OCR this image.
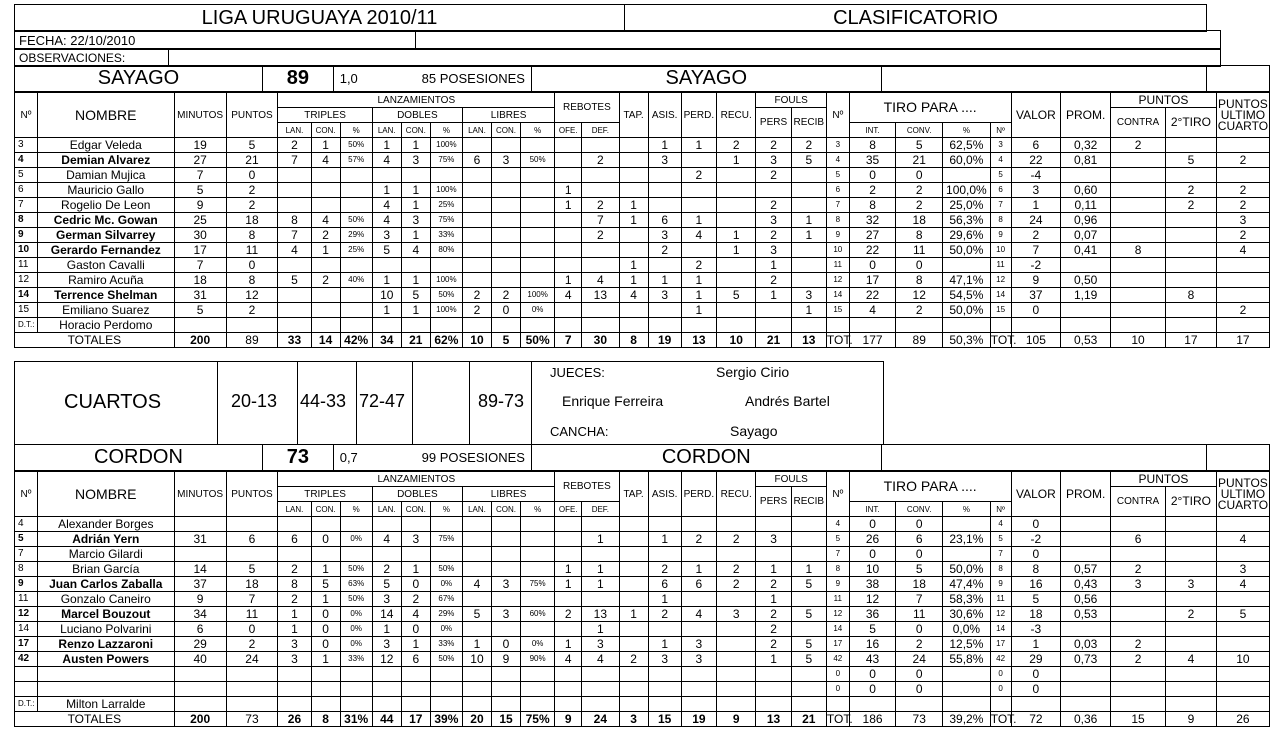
LIGA URUGUAYA 2010/11	CLASIFICATORIO
FECHA: 22/10/2010
OBSERVACIONES:
SAYAGO	89	1,0	85 POSESIONES	SAYAGO
Nº	NOMBRE	MINUTOS	PUNTOS	LANZAMIENTOS									REBOTES		TAP.	ASIS.	PERD.	RECU.	FOULS		Nº	TIRO PARA ....				VALOR	PROM.	PUNTOS		PUNTOS
ULTIMO
CUARTO

				TRIPLES			DOBLES			LIBRES									PERS	RECIB								CONTRA	2°TIRO	
				LAN.	CON.	%	LAN.	CON.	%	LAN.	CON.	%	OFE.	DEF.								INT.	CONV.	%	Nº					
3	Edgar Veleda	19	5	2	1	50%	1	1	100%							1	1	2	2	2	3	8	5	62,5%	3	6	0,32	2		
4	Demian Alvarez	27	21	7	4	57%	4	3	75%	6	3	50%		2		3		1	3	5	4	35	21	60,0%	4	22	0,81		5	2
5	Damian Mujica	7	0														2		2		5	0	0		5	-4				
6	Mauricio Gallo	5	2				1	1	100%				1								6	2	2	100,0%	6	3	0,60		2	2
7	Rogelio De Leon	9	2				4	1	25%				1	2	1				2		7	8	2	25,0%	7	1	0,11		2	2
8	Cedric Mc. Gowan	25	18	8	4	50%	4	3	75%					7	1	6	1		3	1	8	32	18	56,3%	8	24	0,96			3
9	German Silvarrey	30	8	7	2	29%	3	1	33%					2		3	4	1	2	1	9	27	8	29,6%	9	2	0,07			2
10	Gerardo Fernandez	17	11	4	1	25%	5	4	80%							2		1	3		10	22	11	50,0%	10	7	0,41	8		4
11	Gaston Cavalli	7	0												1		2		1		11	0	0		11	-2				
12	Ramiro Acuña	18	8	5	2	40%	1	1	100%				1	4	1	1	1		2		12	17	8	47,1%	12	9	0,50			
14	Terrence Shelman	31	12				10	5	50%	2	2	100%	4	13	4	3	1	5	1	3	14	22	12	54,5%	14	37	1,19		8	
15	Emiliano Suarez	5	2				1	1	100%	2	0	0%					1			1	15	4	2	50,0%	15	0				2
D.T.:	Horacio Perdomo																													
TOTALES		200	89	33	14	42%	34	21	62%	10	5	50%	7	30	8	19	13	10	21	13	TOT.	177	89	50,3%	TOT.	105	0,53	10	17	17
CUARTOS	20-13 44-33 72-47	89-73
JUECES:	Sergio Cirio
Enrique Ferreira	Andrés Bartel
CANCHA:	Sayago
CORDON	73	0,7	99 POSESIONES	CORDON
Nº	NOMBRE	MINUTOS	PUNTOS	LANZAMIENTOS									REBOTES		TAP.	ASIS.	PERD.	RECU.	FOULS		Nº	TIRO PARA ....				VALOR	PROM.	PUNTOS		PUNTOS
ULTIMO
CUARTO

				TRIPLES			DOBLES			LIBRES									PERS	RECIB								CONTRA	2°TIRO	
				LAN.	CON.	%	LAN.	CON.	%	LAN.	CON.	%	OFE.	DEF.								INT.	CONV.	%	Nº					
4	Alexander Borges																				4	0	0		4	0				
5	Adrián Yern	31	6	6	0	0%	4	3	75%					1		1	2	2	3		5	26	6	23,1%	5	-2		6		4
7	Marcio Gilardi																				7	0	0		7	0				
8	Brian García	14	5	2	1	50%	2	1	50%				1	1		2	1	2	1	1	8	10	5	50,0%	8	8	0,57	2		3
9	Juan Carlos Zaballa	37	18	8	5	63%	5	0	0%	4	3	75%	1	1		6	6	2	2	5	9	38	18	47,4%	9	16	0,43	3	3	4
11	Gonzalo Caneiro	9	7	2	1	50%	3	2	67%							1			1		11	12	7	58,3%	11	5	0,56			
12	Marcel Bouzout	34	11	1	0	0%	14	4	29%	5	3	60%	2	13	1	2	4	3	2	5	12	36	11	30,6%	12	18	0,53		2	5
14	Luciano Polvarini	6	0	1	0	0%	1	0	0%					1					2		14	5	0	0,0%	14	-3				
17	Renzo Lazzaroni	29	2	3	0	0%	3	1	33%	1	0	0%	1	3		1	3		2	5	17	16	2	12,5%	17	1	0,03	2		
42	Austen Powers	40	24	3	1	33%	12	6	50%	10	9	90%	4	4	2	3	3		1	5	42	43	24	55,8%	42	29	0,73	2	4	10
																					0	0	0		0	0				
																					0	0	0		0	0				
D.T.:	Milton Larralde																													
TOTALES		200	73	26	8	31%	44	17	39%	20	15	75%	9	24	3	15	19	9	13	21	TOT.	186	73	39,2%	TOT.	72	0,36	15	9	26
